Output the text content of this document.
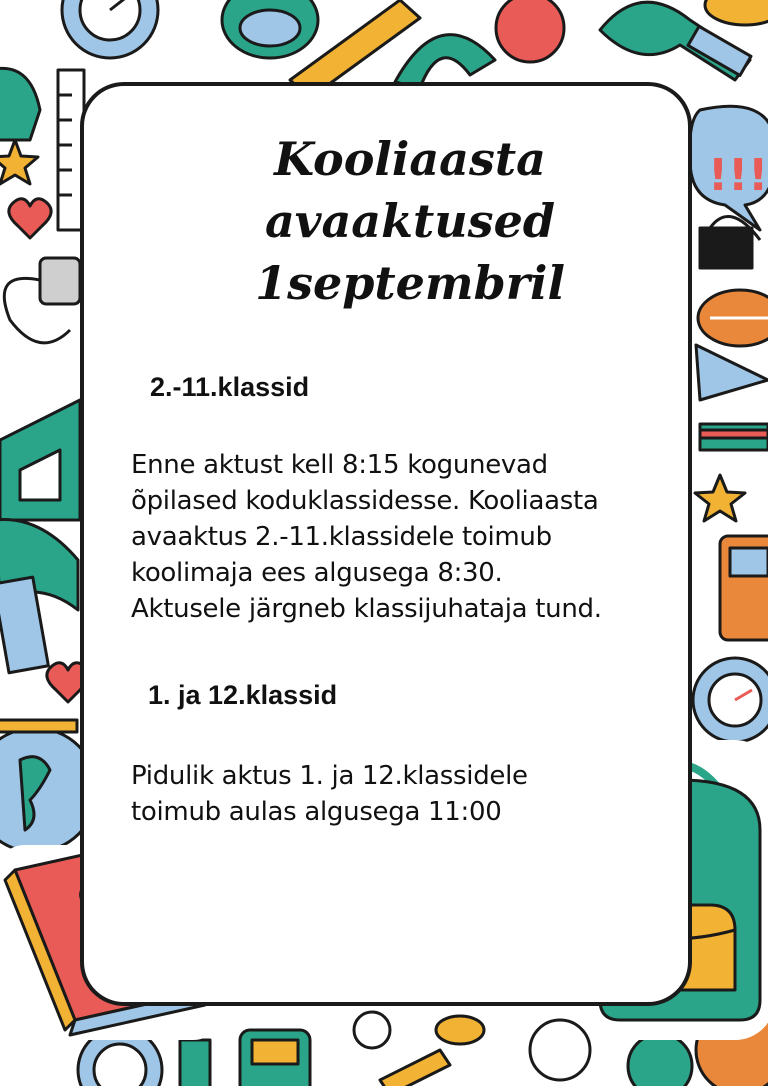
!!!
Kooliaasta
avaaktused
1septembril
2.-11.klassid

Enne aktust kell 8:15 kogunevad
õpilased koduklassidesse. Kooliaasta
avaaktus 2.-11.klassidele toimub
koolimaja ees algusega 8:30.
Aktusele järgneb klassijuhataja tund.

1. ja 12.klassid

Pidulik aktus 1. ja 12.klassidele
toimub aulas algusega 11:00
